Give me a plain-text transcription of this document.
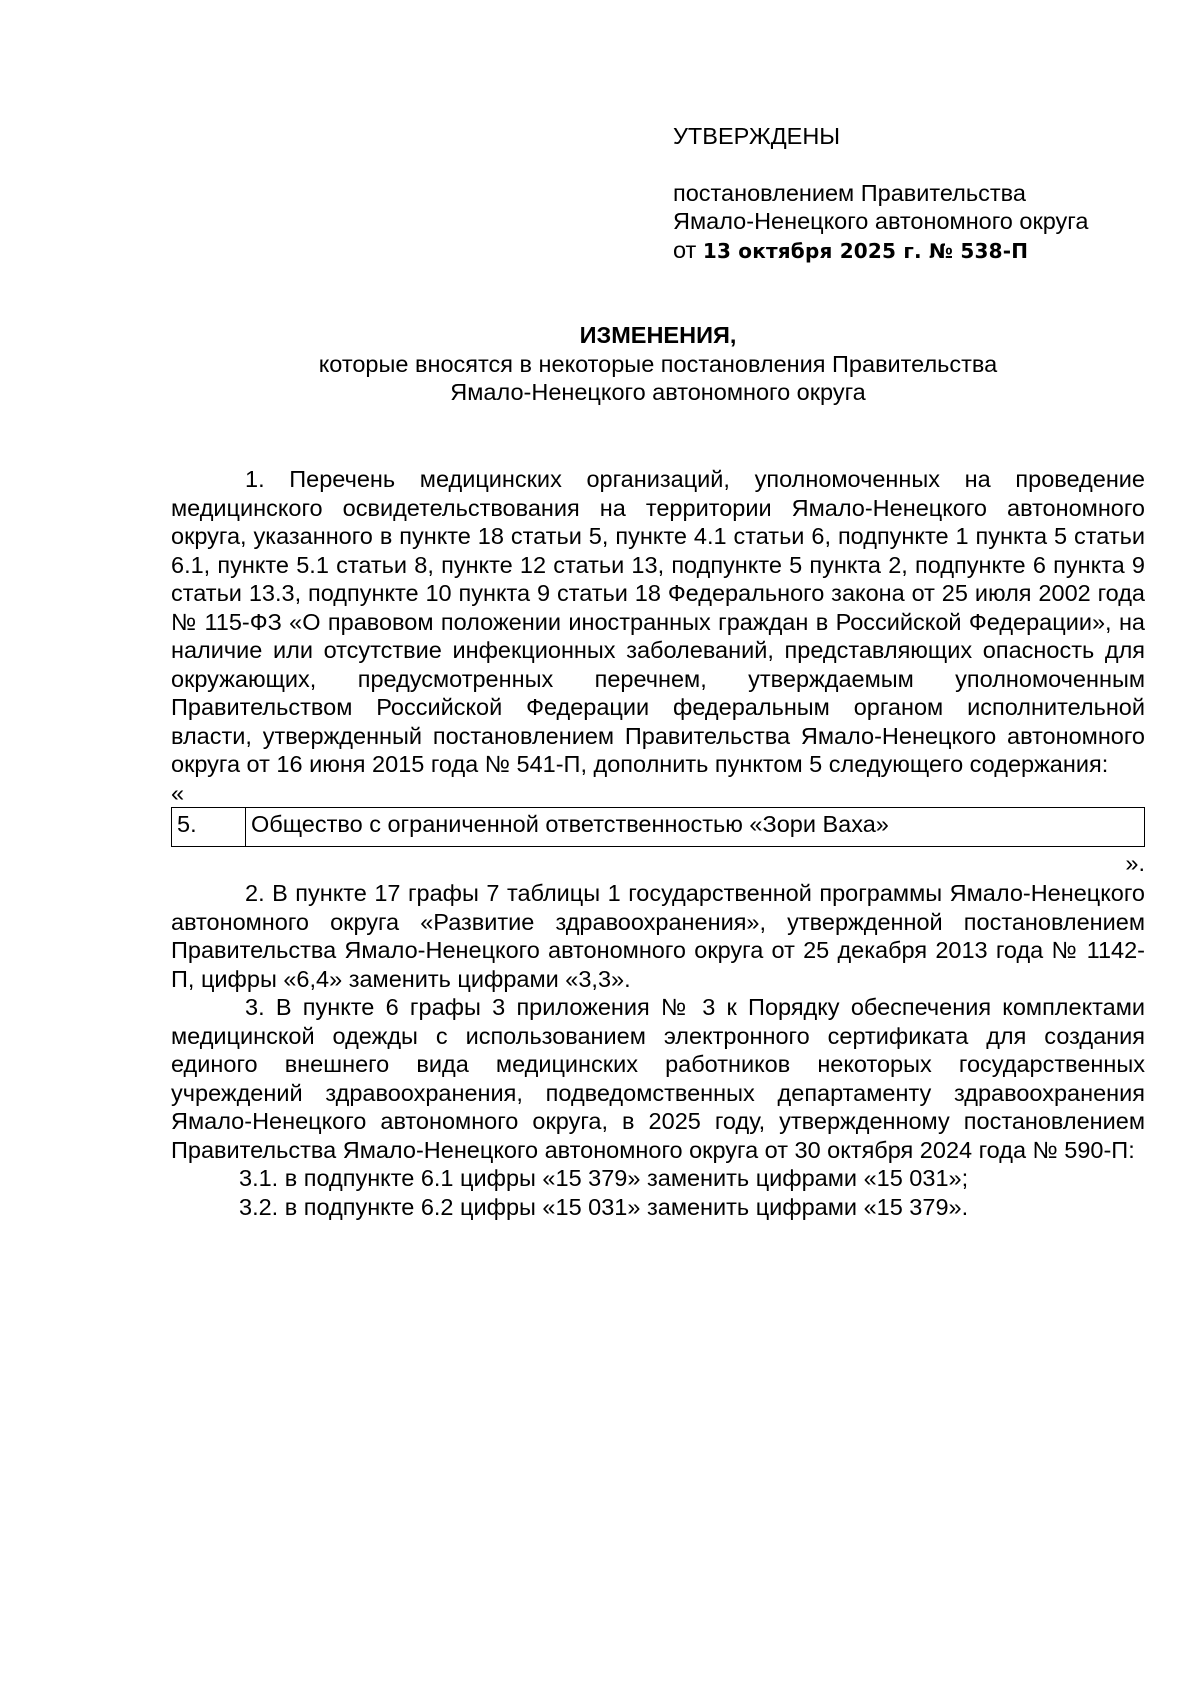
УТВЕРЖДЕНЫ
постановлением Правительства
Ямало-Ненецкого автономного округа
от 13 октября 2025 г. № 538-П
ИЗМЕНЕНИЯ,
которые вносятся в некоторые постановления Правительства
Ямало-Ненецкого автономного округа

1. Перечень медицинских организаций, уполномоченных на проведение медицинского освидетельствования на территории Ямало-Ненецкого автономного округа, указанного в пункте 18 статьи 5, пункте 4.1 статьи 6, подпункте 1 пункта 5 статьи 6.1, пункте 5.1 статьи 8, пункте 12 статьи 13, подпункте 5 пункта 2, подпункте 6 пункта 9 статьи 13.3, подпункте 10 пункта 9 статьи 18 Федерального закона от 25 июля 2002 года № 115-ФЗ «О правовом положении иностранных граждан в Российской Федерации», на наличие или отсутствие инфекционных заболеваний, представляющих опасность для окружающих, предусмотренных перечнем, утверждаемым уполномоченным Правительством Российской Федерации федеральным органом исполнительной власти, утвержденный постановлением Правительства Ямало-Ненецкого автономного округа от 16 июня 2015 года № 541-П, дополнить пунктом 5 следующего содержания:

«

5.	Общество с ограниченной ответственностью «Зори Ваха»

».

2. В пункте 17 графы 7 таблицы 1 государственной программы Ямало-Ненецкого автономного округа «Развитие здравоохранения», утвержденной постановлением Правительства Ямало-Ненецкого автономного округа от 25 декабря 2013 года № 1142-П, цифры «6,4» заменить цифрами «3,3».

3. В пункте 6 графы 3 приложения № 3 к Порядку обеспечения комплектами медицинской одежды с использованием электронного сертификата для создания единого внешнего вида медицинских работников некоторых государственных учреждений здравоохранения, подведомственных департаменту здравоохранения Ямало-Ненецкого автономного округа, в 2025 году, утвержденному постановлением Правительства Ямало-Ненецкого автономного округа от 30 октября 2024 года № 590-П:

3.1. в подпункте 6.1 цифры «15 379» заменить цифрами «15 031»;

3.2. в подпункте 6.2 цифры «15 031» заменить цифрами «15 379».
